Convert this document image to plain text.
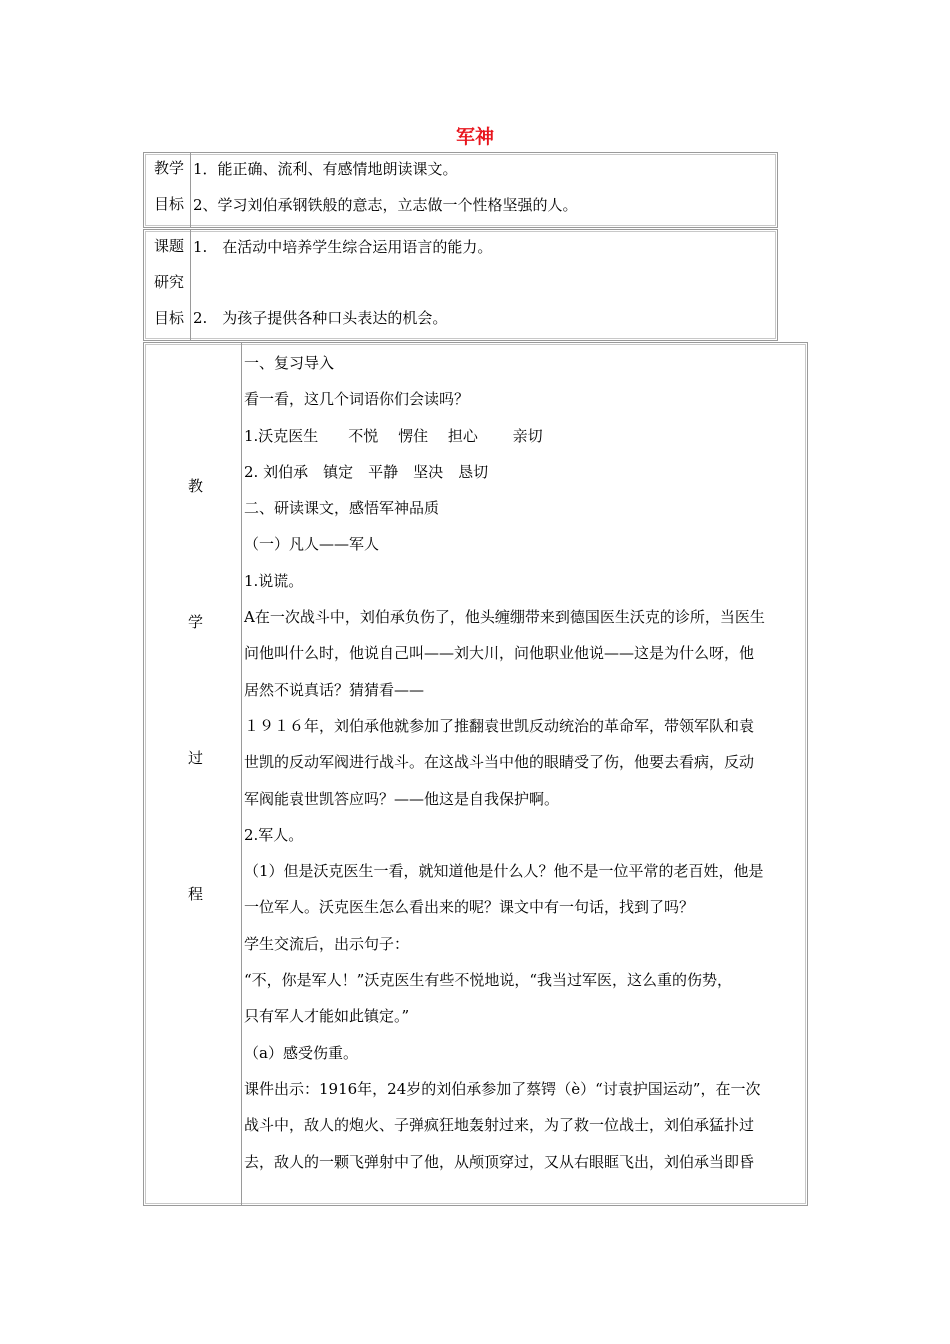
军神
教学
目标
1．能正确、流利、有感情地朗读课文。
2、学习刘伯承钢铁般的意志，立志做一个性格坚强的人。
课题
研究
目标
1.　在活动中培养学生综合运用语言的能力。
2.　为孩子提供各种口头表达的机会。
教
学
过
程
一、复习导入
看一看，这几个词语你们会读吗？
1.沃克医生　　不悦　 愣住　 担心　　 亲切
2. 刘伯承　镇定　平静　坚决　恳切
二、研读课文，感悟军神品质
（一）凡人——军人
1.说谎。
A在一次战斗中，刘伯承负伤了，他头缠绷带来到德国医生沃克的诊所，当医生
问他叫什么时，他说自己叫——刘大川，问他职业他说——这是为什么呀，他
居然不说真话？猜猜看——
１９１６年，刘伯承他就参加了推翻袁世凯反动统治的革命军，带领军队和袁
世凯的反动军阀进行战斗。在这战斗当中他的眼睛受了伤，他要去看病，反动
军阀能袁世凯答应吗？——他这是自我保护啊。
2.军人。
（1）但是沃克医生一看，就知道他是什么人？他不是一位平常的老百姓，他是
一位军人。沃克医生怎么看出来的呢？课文中有一句话，找到了吗？
学生交流后，出示句子：
“不，你是军人！”沃克医生有些不悦地说，“我当过军医，这么重的伤势，
只有军人才能如此镇定。”
（a）感受伤重。
课件出示：1916年，24岁的刘伯承参加了蔡锷（è）“讨袁护国运动”，在一次
战斗中，敌人的炮火、子弹疯狂地轰射过来，为了救一位战士，刘伯承猛扑过
去，敌人的一颗飞弹射中了他，从颅顶穿过，又从右眼眶飞出，刘伯承当即昏
